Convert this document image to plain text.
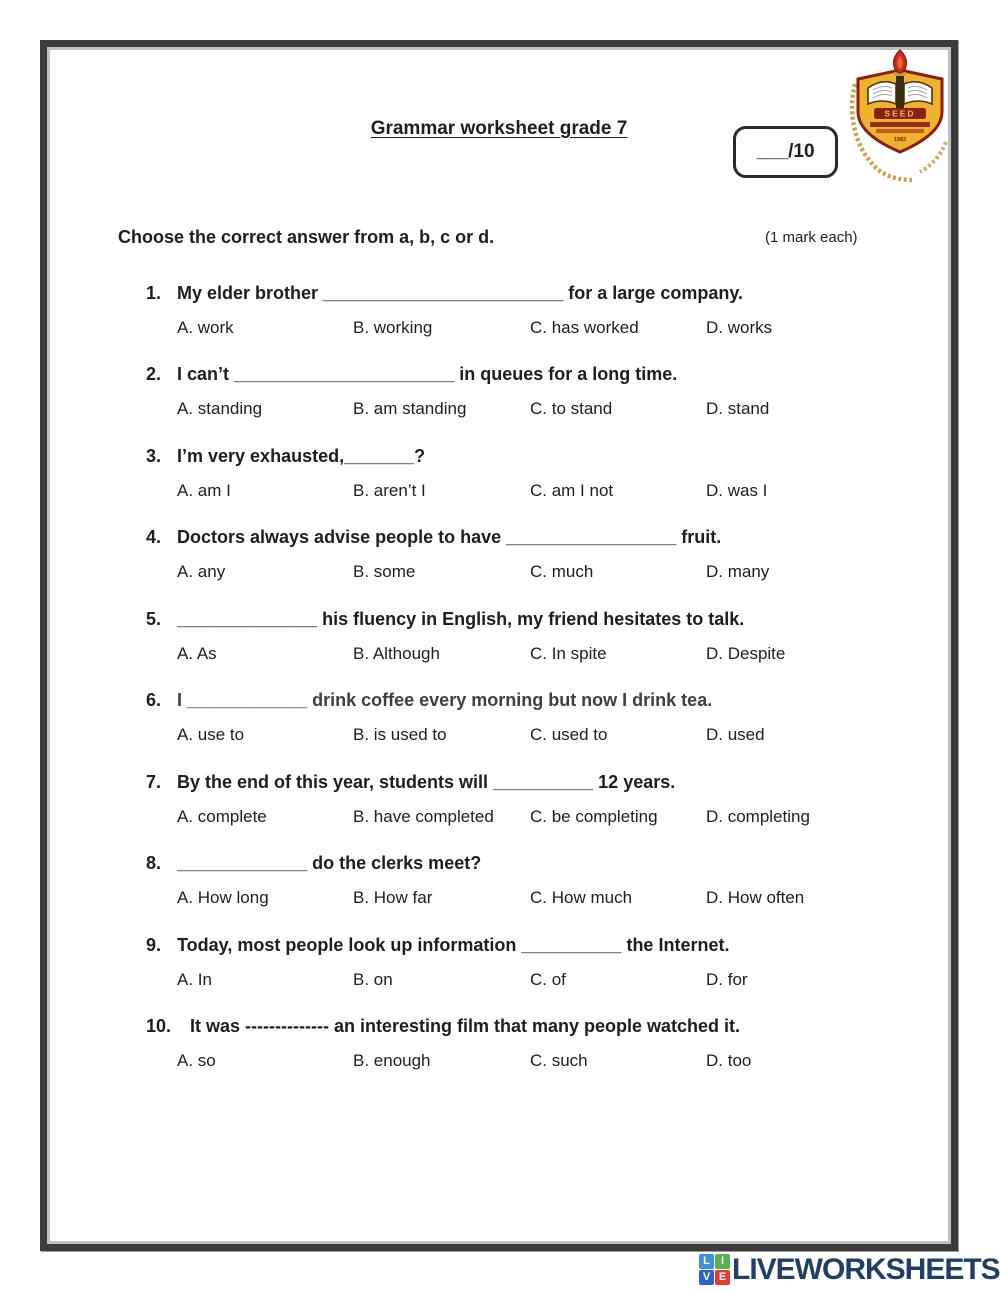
Grammar worksheet grade 7
___/10
SEED
1983
Choose the correct answer from a, b, c or d.	(1 mark each)
1. My elder brother ________________________ for a large company.
A. work	B. working	C. has worked	D. works
2. I can’t ______________________ in queues for a long time.
A. standing	B. am standing	C. to stand	D. stand
3. I’m very exhausted,_______?
A. am I	B. aren’t I	C. am I not	D. was I
4. Doctors always advise people to have _________________ fruit.
A. any	B. some	C. much	D. many
5. ______________ his fluency in English, my friend hesitates to talk.
A. As	B. Although	C. In spite	D. Despite
6. I ____________ drink coffee every morning but now I drink tea.
A. use to	B. is used to	C. used to	D. used
7. By the end of this year, students will __________ 12 years.
A. complete	B. have completed C. be completing	D. completing
8. _____________ do the clerks meet?
A. How long	B. How far	C. How much	D. How often
9. Today, most people look up information __________ the Internet.
A. In	B. on	C. of	D. for
10. It was -------------- an interesting film that many people watched it.
A. so	B. enough	C. such	D. too
L	I
V E LIVEWORKSHEETS
